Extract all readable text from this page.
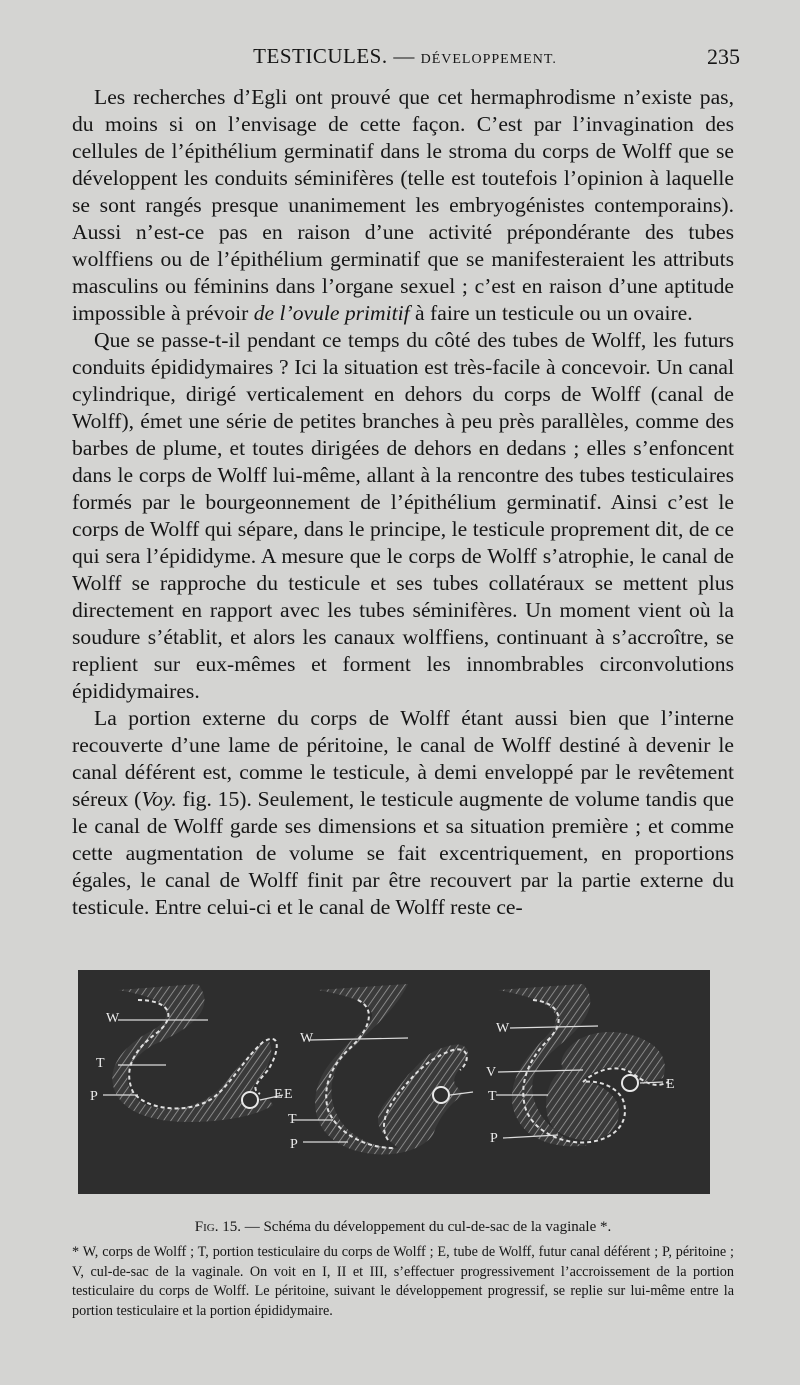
TESTICULES. — DÉVELOPPEMENT.	235

Les recherches d’Egli ont prouvé que cet hermaphrodisme n’existe pas, du moins si on l’envisage de cette façon. C’est par l’invagination des cellules de l’épithélium germinatif dans le stroma du corps de Wolff que se développent les conduits séminifères (telle est toutefois l’opinion à laquelle se sont rangés presque unanimement les embryogénistes contemporains). Aussi n’est-ce pas en raison d’une activité prépondérante des tubes wolffiens ou de l’épithélium germinatif que se manifesteraient les attributs masculins ou féminins dans l’organe sexuel ; c’est en raison d’une aptitude impossible à prévoir de l’ovule primitif à faire un testicule ou un ovaire.

Que se passe-t-il pendant ce temps du côté des tubes de Wolff, les futurs conduits épididymaires ? Ici la situation est très-facile à concevoir. Un canal cylindrique, dirigé verticalement en dehors du corps de Wolff (canal de Wolff), émet une série de petites branches à peu près parallèles, comme des barbes de plume, et toutes dirigées de dehors en dedans ; elles s’enfoncent dans le corps de Wolff lui-même, allant à la rencontre des tubes testiculaires formés par le bourgeonnement de l’épithélium germinatif. Ainsi c’est le corps de Wolff qui sépare, dans le principe, le testicule proprement dit, de ce qui sera l’épididyme. A mesure que le corps de Wolff s’atrophie, le canal de Wolff se rapproche du testicule et ses tubes collatéraux se mettent plus directement en rapport avec les tubes séminifères. Un moment vient où la soudure s’établit, et alors les canaux wolffiens, continuant à s’accroître, se replient sur eux-mêmes et forment les innombrables circonvolutions épididymaires.

La portion externe du corps de Wolff étant aussi bien que l’interne recouverte d’une lame de péritoine, le canal de Wolff destiné à devenir le canal déférent est, comme le testicule, à demi enveloppé par le revêtement séreux (Voy. fig. 15). Seulement, le testicule augmente de volume tandis que le canal de Wolff garde ses dimensions et sa situation première ; et comme cette augmentation de volume se fait excentriquement, en proportions égales, le canal de Wolff finit par être recouvert par la partie externe du testicule. Entre celui-ci et le canal de Wolff reste ce-

W
T
P	E
W
E
T
P
W
V
T
P
E
Fig. 15. — Schéma du développement du cul-de-sac de la vaginale *.
* W, corps de Wolff ; T, portion testiculaire du corps de Wolff ; E, tube de Wolff, futur canal déférent ; P, péritoine ; V, cul-de-sac de la vaginale. On voit en I, II et III, s’effectuer progressivement l’accroissement de la portion testiculaire du corps de Wolff. Le péritoine, suivant le développement progressif, se replie sur lui-même entre la portion testiculaire et la portion épididymaire.
